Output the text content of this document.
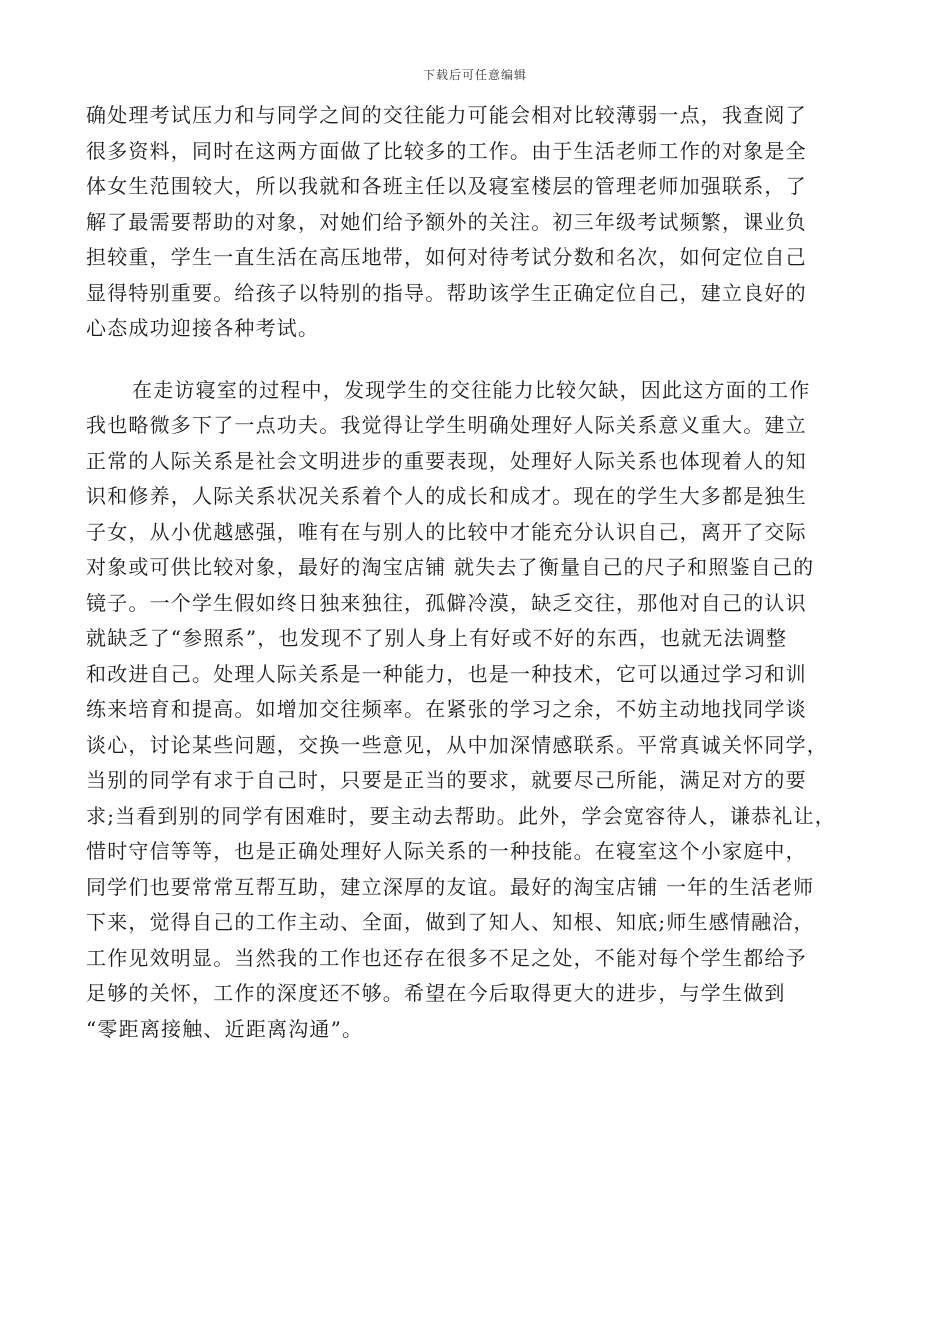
下载后可任意编辑
确处理考试压力和与同学之间的交往能力可能会相对比较薄弱一点，我查阅了
很多资料，同时在这两方面做了比较多的工作。由于生活老师工作的对象是全
体女生范围较大，所以我就和各班主任以及寝室楼层的管理老师加强联系，了
解了最需要帮助的对象，对她们给予额外的关注。初三年级考试频繁，课业负
担较重，学生一直生活在高压地带，如何对待考试分数和名次，如何定位自己
显得特别重要。给孩子以特别的指导。帮助该学生正确定位自己，建立良好的
心态成功迎接各种考试。
在走访寝室的过程中，发现学生的交往能力比较欠缺，因此这方面的工作
我也略微多下了一点功夫。我觉得让学生明确处理好人际关系意义重大。建立
正常的人际关系是社会文明进步的重要表现，处理好人际关系也体现着人的知
识和修养，人际关系状况关系着个人的成长和成才。现在的学生大多都是独生
子女，从小优越感强，唯有在与别人的比较中才能充分认识自己，离开了交际
对象或可供比较对象，最好的淘宝店铺 就失去了衡量自己的尺子和照鉴自己的
镜子。一个学生假如终日独来独往，孤僻冷漠，缺乏交往，那他对自己的认识
就缺乏了“参照系”，也发现不了别人身上有好或不好的东西，也就无法调整
和改进自己。处理人际关系是一种能力，也是一种技术，它可以通过学习和训
练来培育和提高。如增加交往频率。在紧张的学习之余，不妨主动地找同学谈
谈心，讨论某些问题，交换一些意见，从中加深情感联系。平常真诚关怀同学，
当别的同学有求于自己时，只要是正当的要求，就要尽己所能，满足对方的要
求;当看到别的同学有困难时，要主动去帮助。此外，学会宽容待人，谦恭礼让，
惜时守信等等，也是正确处理好人际关系的一种技能。在寝室这个小家庭中，
同学们也要常常互帮互助，建立深厚的友谊。最好的淘宝店铺 一年的生活老师
下来，觉得自己的工作主动、全面，做到了知人、知根、知底;师生感情融洽，
工作见效明显。当然我的工作也还存在很多不足之处，不能对每个学生都给予
足够的关怀，工作的深度还不够。希望在今后取得更大的进步，与学生做到
“零距离接触、近距离沟通”。
